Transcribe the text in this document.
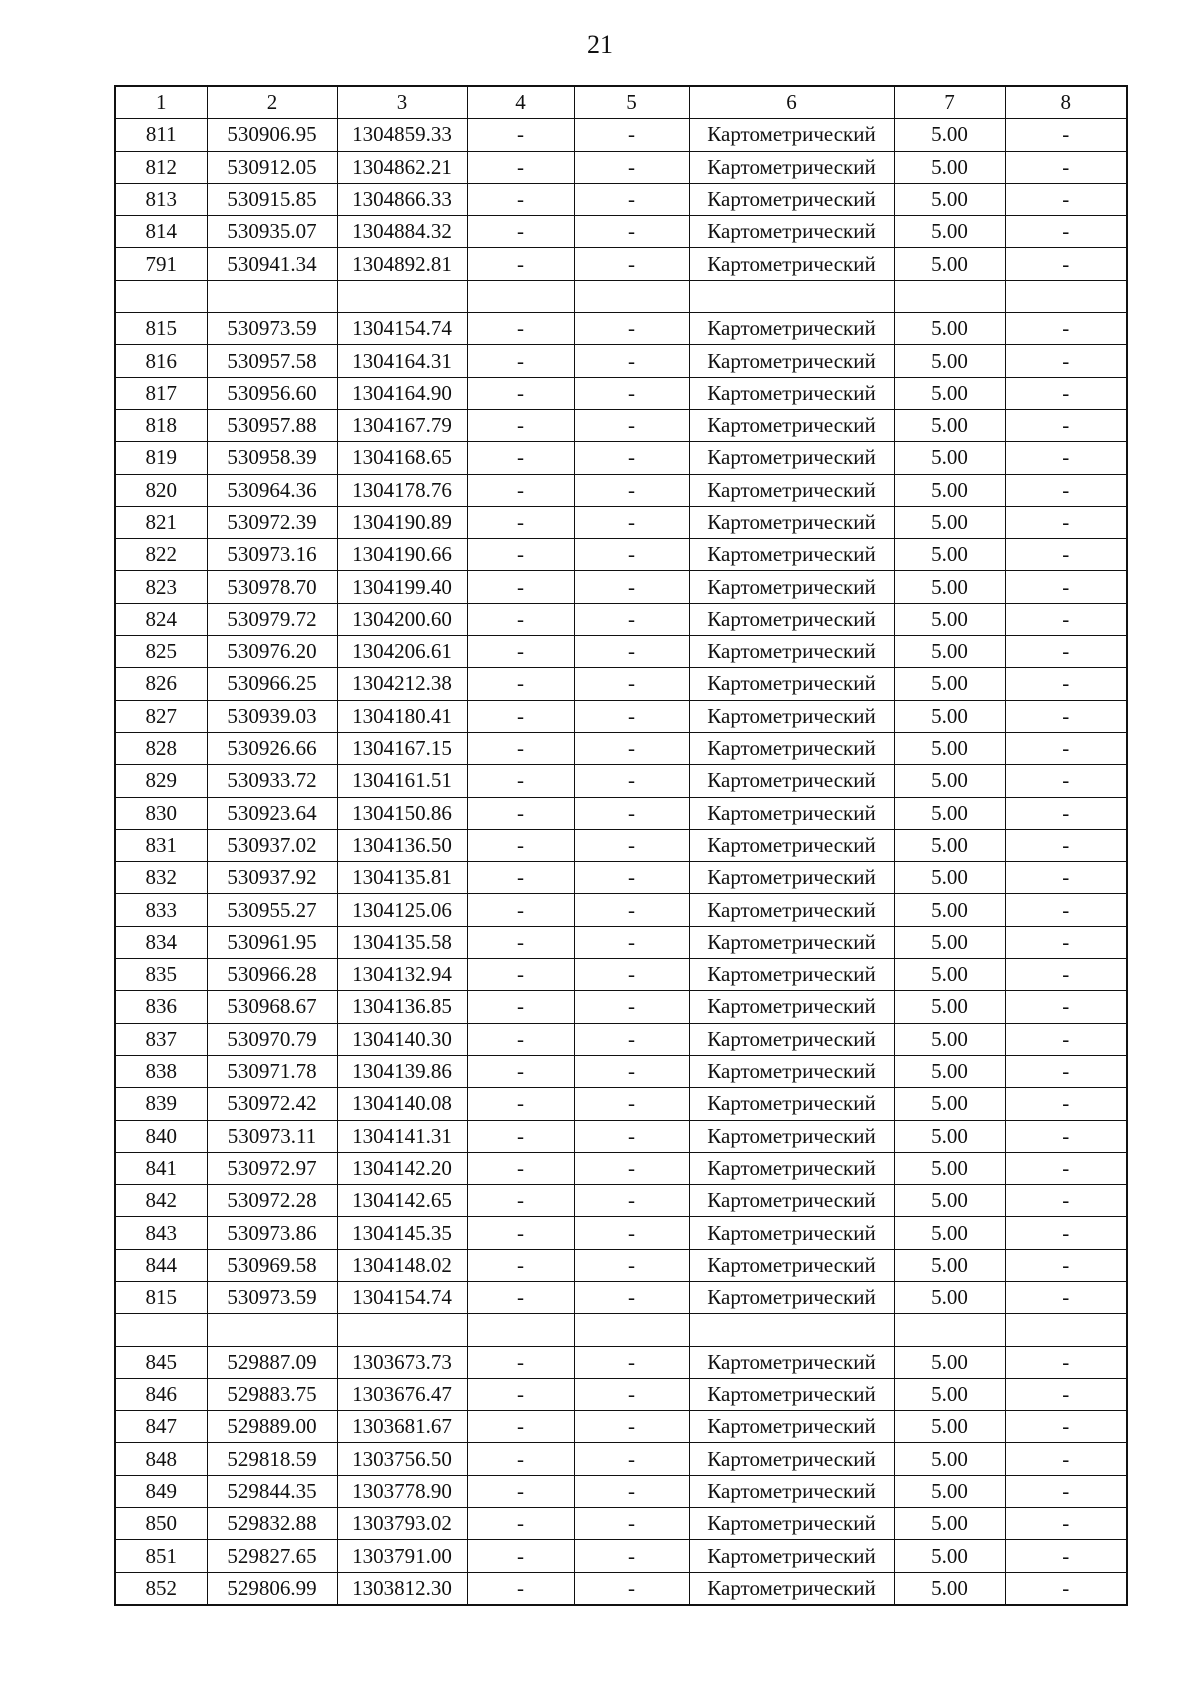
21
1	2	3	4	5	6	7	8
811	530906.95	1304859.33	-	-	Картометрический	5.00	-
812	530912.05	1304862.21	-	-	Картометрический	5.00	-
813	530915.85	1304866.33	-	-	Картометрический	5.00	-
814	530935.07	1304884.32	-	-	Картометрический	5.00	-
791	530941.34	1304892.81	-	-	Картометрический	5.00	-

815	530973.59	1304154.74	-	-	Картометрический	5.00	-
816	530957.58	1304164.31	-	-	Картометрический	5.00	-
817	530956.60	1304164.90	-	-	Картометрический	5.00	-
818	530957.88	1304167.79	-	-	Картометрический	5.00	-
819	530958.39	1304168.65	-	-	Картометрический	5.00	-
820	530964.36	1304178.76	-	-	Картометрический	5.00	-
821	530972.39	1304190.89	-	-	Картометрический	5.00	-
822	530973.16	1304190.66	-	-	Картометрический	5.00	-
823	530978.70	1304199.40	-	-	Картометрический	5.00	-
824	530979.72	1304200.60	-	-	Картометрический	5.00	-
825	530976.20	1304206.61	-	-	Картометрический	5.00	-
826	530966.25	1304212.38	-	-	Картометрический	5.00	-
827	530939.03	1304180.41	-	-	Картометрический	5.00	-
828	530926.66	1304167.15	-	-	Картометрический	5.00	-
829	530933.72	1304161.51	-	-	Картометрический	5.00	-
830	530923.64	1304150.86	-	-	Картометрический	5.00	-
831	530937.02	1304136.50	-	-	Картометрический	5.00	-
832	530937.92	1304135.81	-	-	Картометрический	5.00	-
833	530955.27	1304125.06	-	-	Картометрический	5.00	-
834	530961.95	1304135.58	-	-	Картометрический	5.00	-
835	530966.28	1304132.94	-	-	Картометрический	5.00	-
836	530968.67	1304136.85	-	-	Картометрический	5.00	-
837	530970.79	1304140.30	-	-	Картометрический	5.00	-
838	530971.78	1304139.86	-	-	Картометрический	5.00	-
839	530972.42	1304140.08	-	-	Картометрический	5.00	-
840	530973.11	1304141.31	-	-	Картометрический	5.00	-
841	530972.97	1304142.20	-	-	Картометрический	5.00	-
842	530972.28	1304142.65	-	-	Картометрический	5.00	-
843	530973.86	1304145.35	-	-	Картометрический	5.00	-
844	530969.58	1304148.02	-	-	Картометрический	5.00	-
815	530973.59	1304154.74	-	-	Картометрический	5.00	-

845	529887.09	1303673.73	-	-	Картометрический	5.00	-
846	529883.75	1303676.47	-	-	Картометрический	5.00	-
847	529889.00	1303681.67	-	-	Картометрический	5.00	-
848	529818.59	1303756.50	-	-	Картометрический	5.00	-
849	529844.35	1303778.90	-	-	Картометрический	5.00	-
850	529832.88	1303793.02	-	-	Картометрический	5.00	-
851	529827.65	1303791.00	-	-	Картометрический	5.00	-
852	529806.99	1303812.30	-	-	Картометрический	5.00	-
